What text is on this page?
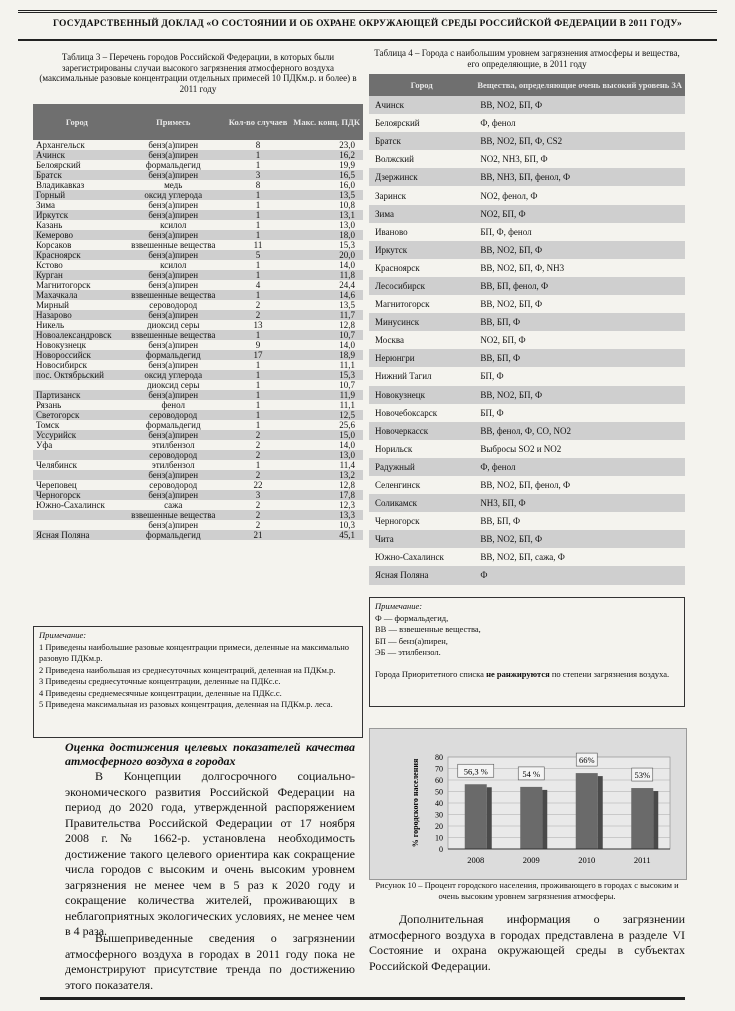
ГОСУДАРСТВЕННЫЙ ДОКЛАД «О СОСТОЯНИИ И ОБ ОХРАНЕ ОКРУЖАЮЩЕЙ СРЕДЫ РОССИЙСКОЙ ФЕДЕРАЦИИ В 2011 ГОДУ»
Таблица 3 – Перечень городов Российской Федерации, в которых были зарегистрированы случаи высокого загрязнения атмосферного воздуха (максимальные разовые концентрации отдельных примесей 10 ПДКм.р. и более) в 2011 году
Город	Примесь	Кол-во случаев	Макс. конц. ПДК
Архангельск	бенз(а)пирен	8	23,0
Ачинск	бенз(а)пирен	1	16,2
Белоярский	формальдегид	1	19,9
Братск	бенз(а)пирен	3	16,5
Владикавказ	медь	8	16,0
Горный	оксид углерода	1	13,5
Зима	бенз(а)пирен	1	10,8
Иркутск	бенз(а)пирен	1	13,1
Казань	ксилол	1	13,0
Кемерово	бенз(а)пирен	1	18,0
Корсаков	взвешенные вещества	11	15,3
Красноярск	бенз(а)пирен	5	20,0
Кстово	ксилол	1	14,0
Курган	бенз(а)пирен	1	11,8
Магнитогорск	бенз(а)пирен	4	24,4
Махачкала	взвешенные вещества	1	14,6
Мирный	сероводород	2	13,5
Назарово	бенз(а)пирен	2	11,7
Никель	диоксид серы	13	12,8
Новоалександровск	взвешенные вещества	1	10,7
Новокузнецк	бенз(а)пирен	9	14,0
Новороссийск	формальдегид	17	18,9
Новосибирск	бенз(а)пирен	1	11,1
пос. Октябрьский	оксид углерода	1	15,3
	диоксид серы	1	10,7
Партизанск	бенз(а)пирен	1	11,9
Рязань	фенол	1	11,1
Светогорск	сероводород	1	12,5
Томск	формальдегид	1	25,6
Уссурийск	бенз(а)пирен	2	15,0
Уфа	этилбензол	2	14,0
	сероводород	2	13,0
Челябинск	этилбензол	1	11,4
	бенз(а)пирен	2	13,2
Череповец	сероводород	22	12,8
Черногорск	бенз(а)пирен	3	17,8
Южно-Сахалинск	сажа	2	12,3
	взвешенные вещества	2	13,3
	бенз(а)пирен	2	10,3
Ясная Поляна	формальдегид	21	45,1
Примечание:
1 Приведены наибольшие разовые концентрации примеси, деленные на максимально разовую ПДКм.р.
2 Приведена наибольшая из среднесуточных концентраций, деленная на ПДКм.р.
3 Приведены среднесуточные концентрации, деленные на ПДКс.с.
4 Приведены среднемесячные концентрации, деленные на ПДКс.с.
5 Приведена максимальная из разовых концентрация, деленная на ПДКм.р. леса.
Таблица 4 – Города с наибольшим уровнем загрязнения атмосферы и вещества, его определяющие, в 2011 году
Город	Вещества, определяющие очень высокий уровень ЗА
Ачинск	ВВ, NO2, БП, Ф
Белоярский	Ф, фенол
Братск	ВВ, NO2, БП, Ф, CS2
Волжский	NO2, NH3, БП, Ф
Дзержинск	ВВ, NH3, БП, фенол, Ф
Заринск	NO2, фенол, Ф
Зима	NO2, БП, Ф
Иваново	БП, Ф, фенол
Иркутск	ВВ, NO2, БП, Ф
Красноярск	ВВ, NO2, БП, Ф, NH3
Лесосибирск	ВВ, БП, фенол, Ф
Магнитогорск	ВВ, NO2, БП, Ф
Минусинск	ВВ, БП, Ф
Москва	NO2, БП, Ф
Нерюнгри	ВВ, БП, Ф
Нижний Тагил	БП, Ф
Новокузнецк	ВВ, NO2, БП, Ф
Новочебоксарск	БП, Ф
Новочеркасск	ВВ, фенол, Ф, CO, NO2
Норильск	Выбросы SO2 и NO2
Радужный	Ф, фенол
Селенгинск	ВВ, NO2, БП, фенол, Ф
Соликамск	NH3, БП, Ф
Черногорск	ВВ, БП, Ф
Чита	ВВ, NO2, БП, Ф
Южно-Сахалинск	ВВ, NO2, БП, сажа, Ф
Ясная Поляна	Ф
Примечание:
Ф — формальдегид,
ВВ — взвешенные вещества,
БП — бенз(а)пирен,
ЭБ — этилбензол.
Города Приоритетного списка не ранжируются по степени загрязнения воздуха.
Оценка достижения целевых показателей качества атмосферного воздуха в городах
В Концепции долгосрочного социально-экономического развития Российской Федерации на период до 2020 года, утвержденной распоряжением Правительства Российской Федерации от 17 ноября 2008 г. № 1662-р. установлена необходимость достижение такого целевого ориентира как сокращение числа городов с высоким и очень высоким уровнем загрязнения не менее чем в 5 раз к 2020 году и сокращение количества жителей, проживающих в неблагоприятных экологических условиях, не менее чем в 4 раза.
Вышеприведенные сведения о загрязнении атмосферного воздуха в городах в 2011 году пока не демонстрируют присутствие тренда по достижению этого показателя.
0
10
20
30
40
50
60
70
80
% городского населения	56,3 %
2008
54 %
2009
66%
2010
53%
2011
Рисунок 10 – Процент городского населения, проживающего в городах с высоким и очень высоким уровнем загрязнения атмосферы.
Дополнительная информация о загрязнении атмосферного воздуха в городах представлена в разделе VI Состояние и охрана окружающей среды в субъектах Российской Федерации.
